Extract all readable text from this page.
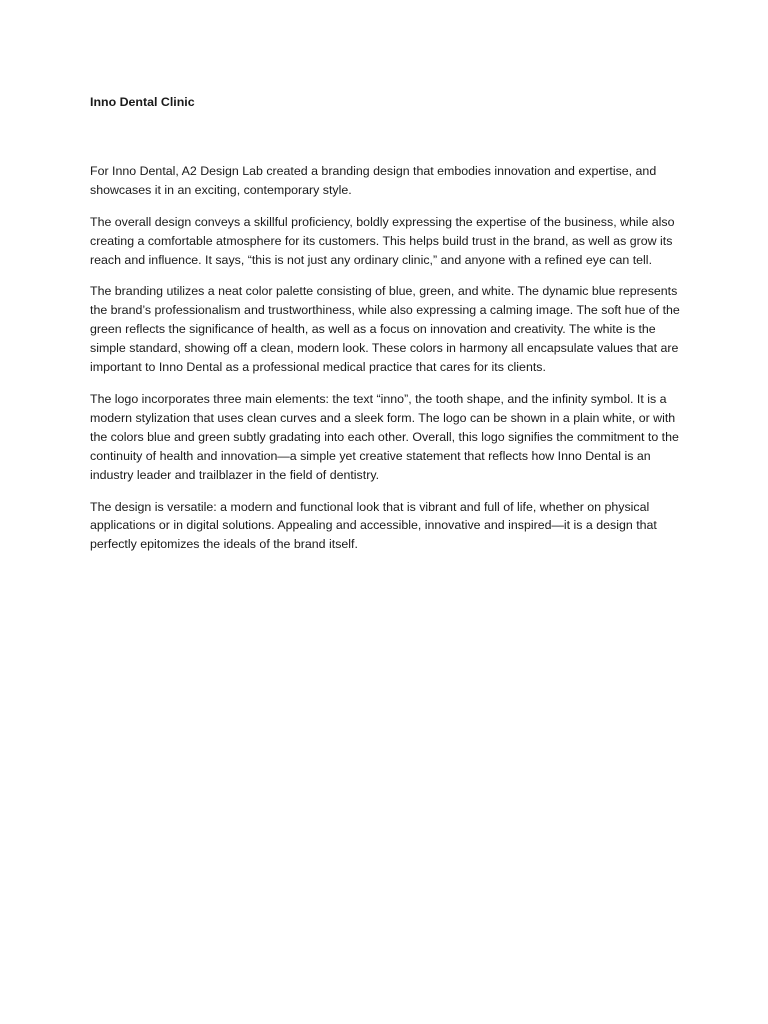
Inno Dental Clinic

For Inno Dental, A2 Design Lab created a branding design that embodies innovation and expertise, and showcases it in an exciting, contemporary style.

The overall design conveys a skillful proficiency, boldly expressing the expertise of the business, while also creating a comfortable atmosphere for its customers. This helps build trust in the brand, as well as grow its reach and influence. It says, “this is not just any ordinary clinic,” and anyone with a refined eye can tell.

The branding utilizes a neat color palette consisting of blue, green, and white. The dynamic blue represents the brand’s professionalism and trustworthiness, while also expressing a calming image. The soft hue of the green reflects the significance of health, as well as a focus on innovation and creativity. The white is the simple standard, showing off a clean, modern look. These colors in harmony all encapsulate values that are important to Inno Dental as a professional medical practice that cares for its clients.

The logo incorporates three main elements: the text “inno”, the tooth shape, and the infinity symbol. It is a modern stylization that uses clean curves and a sleek form. The logo can be shown in a plain white, or with the colors blue and green subtly gradating into each other. Overall, this logo signifies the commitment to the continuity of health and innovation—a simple yet creative statement that reflects how Inno Dental is an industry leader and trailblazer in the field of dentistry.

The design is versatile: a modern and functional look that is vibrant and full of life, whether on physical applications or in digital solutions. Appealing and accessible, innovative and inspired—it is a design that perfectly epitomizes the ideals of the brand itself.
